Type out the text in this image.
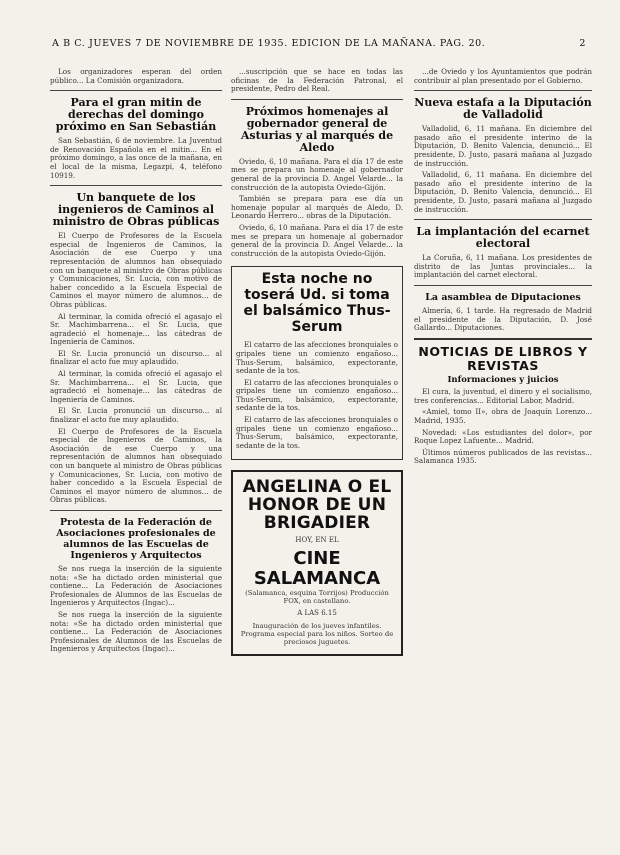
A B C. JUEVES 7 DE NOVIEMBRE DE 1935. EDICION DE LA MAÑANA. PAG. 20.	2

Los organizadores esperan del orden público... La Comisión organizadora.

Para el gran mitin de derechas del domingo próximo en San Sebastián

San Sebastián, 6 de noviembre. La Juventud de Renovación Española en el mitin... En el próximo domingo, a las once de la mañana, en el local de la misma, Legazpi, 4, teléfono 10919.

Un banquete de los ingenieros de Caminos al ministro de Obras públicas

El Cuerpo de Profesores de la Escuela especial de Ingenieros de Caminos, la Asociación de ese Cuerpo y una representación de alumnos han obsequiado con un banquete al ministro de Obras públicas y Comunicaciones, Sr. Lucia, con motivo de haber concedido a la Escuela Especial de Caminos el mayor número de alumnos... de Obras públicas.

Al terminar, la comida ofreció el agasajo el Sr. Machimbarrena... el Sr. Lucia, que agradeció el homenaje... las cátedras de Ingeniería de Caminos.

El Sr. Lucia pronunció un discurso... al finalizar el acto fue muy aplaudido.

Al terminar, la comida ofreció el agasajo el Sr. Machimbarrena... el Sr. Lucia, que agradeció el homenaje... las cátedras de Ingeniería de Caminos.

El Sr. Lucia pronunció un discurso... al finalizar el acto fue muy aplaudido.

El Cuerpo de Profesores de la Escuela especial de Ingenieros de Caminos, la Asociación de ese Cuerpo y una representación de alumnos han obsequiado con un banquete al ministro de Obras públicas y Comunicaciones, Sr. Lucia, con motivo de haber concedido a la Escuela Especial de Caminos el mayor número de alumnos... de Obras públicas.

Protesta de la Federación de Asociaciones profesionales de alumnos de las Escuelas de Ingenieros y Arquitectos

Se nos ruega la inserción de la siguiente nota: «Se ha dictado orden ministerial que contiene... La Federación de Asociaciones Profesionales de Alumnos de las Escuelas de Ingenieros y Arquitectos (Ingac)...

Se nos ruega la inserción de la siguiente nota: «Se ha dictado orden ministerial que contiene... La Federación de Asociaciones Profesionales de Alumnos de las Escuelas de Ingenieros y Arquitectos (Ingac)...

...suscripción que se hace en todas las oficinas de la Federación Patronal, el presidente, Pedro del Real.

Próximos homenajes al gobernador general de Asturias y al marqués de Aledo

Oviedo, 6, 10 mañana. Para el día 17 de este mes se prepara un homenaje al gobernador general de la provincia D. Angel Velarde... la construcción de la autopista Oviedo-Gijón.

También se prepara para ese día un homenaje popular al marqués de Aledo, D. Leonardo Herrero... obras de la Diputación.

Oviedo, 6, 10 mañana. Para el día 17 de este mes se prepara un homenaje al gobernador general de la provincia D. Angel Velarde... la construcción de la autopista Oviedo-Gijón.

Esta noche no toserá Ud. si toma el balsámico Thus-Serum

El catarro de las afecciones bronquiales o gripales tiene un comienzo engañoso... Thus-Serum, balsámico, expectorante, sedante de la tos.

El catarro de las afecciones bronquiales o gripales tiene un comienzo engañoso... Thus-Serum, balsámico, expectorante, sedante de la tos.

El catarro de las afecciones bronquiales o gripales tiene un comienzo engañoso... Thus-Serum, balsámico, expectorante, sedante de la tos.

ANGELINA O EL HONOR DE UN BRIGADIER
HOY, EN EL
CINE SALAMANCA
(Salamanca, esquina Torrijos) Producción FOX, en castellano.
A LAS 6.15
Inauguración de los jueves infantiles. Programa especial para los niños. Sorteo de preciosos juguetes.

...de Oviedo y los Ayuntamientos que podrán contribuir al plan presentado por el Gobierno.

Nueva estafa a la Diputación de Valladolid

Valladolid, 6, 11 mañana. En diciembre del pasado año el presidente interino de la Diputación, D. Benito Valencia, denunció... El presidente, D. Justo, pasará mañana al Juzgado de instrucción.

Valladolid, 6, 11 mañana. En diciembre del pasado año el presidente interino de la Diputación, D. Benito Valencia, denunció... El presidente, D. Justo, pasará mañana al Juzgado de instrucción.

La implantación del ecarnet electoral

La Coruña, 6, 11 mañana. Los presidentes de distrito de las Juntas provinciales... la implantación del carnet electoral.

La asamblea de Diputaciones

Almería, 6, 1 tarde. Ha regresado de Madrid el presidente de la Diputación, D. José Gallardo... Diputaciones.

NOTICIAS DE LIBROS Y REVISTAS
Informaciones y juicios

El cura, la juventud, el dinero y el socialismo, tres conferencias... Editorial Labor, Madrid.

«Amiel, tomo II», obra de Joaquín Lorenzo... Madrid, 1935.

Novedad: «Los estudiantes del dolor», por Roque Lopez Lafuente... Madrid.

Últimos números publicados de las revistas... Salamanca 1935.
